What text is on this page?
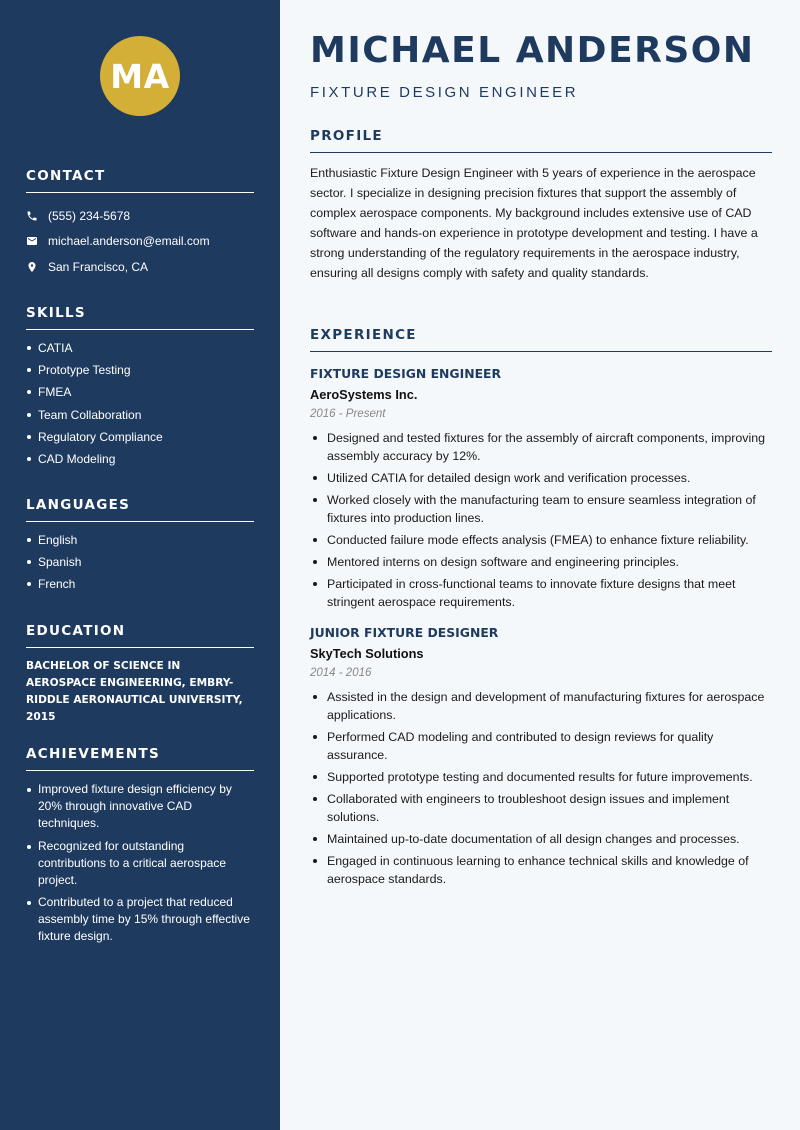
MA
CONTACT
(555) 234-5678
michael.anderson@email.com
San Francisco, CA
SKILLS
CATIA
Prototype Testing
FMEA
Team Collaboration
Regulatory Compliance
CAD Modeling
LANGUAGES
English
Spanish
French
EDUCATION
BACHELOR OF SCIENCE IN AEROSPACE ENGINEERING, EMBRY-RIDDLE AERONAUTICAL UNIVERSITY, 2015
ACHIEVEMENTS
Improved fixture design efficiency by 20% through innovative CAD techniques.
Recognized for outstanding contributions to a critical aerospace project.
Contributed to a project that reduced assembly time by 15% through effective fixture design.
MICHAEL ANDERSON
FIXTURE DESIGN ENGINEER
PROFILE

Enthusiastic Fixture Design Engineer with 5 years of experience in the aerospace sector. I specialize in designing precision fixtures that support the assembly of complex aerospace components. My background includes extensive use of CAD software and hands-on experience in prototype development and testing. I have a strong understanding of the regulatory requirements in the aerospace industry, ensuring all designs comply with safety and quality standards.

EXPERIENCE
FIXTURE DESIGN ENGINEER
AeroSystems Inc.
2016 - Present
Designed and tested fixtures for the assembly of aircraft components, improving assembly accuracy by 12%.
Utilized CATIA for detailed design work and verification processes.
Worked closely with the manufacturing team to ensure seamless integration of fixtures into production lines.
Conducted failure mode effects analysis (FMEA) to enhance fixture reliability.
Mentored interns on design software and engineering principles.
Participated in cross-functional teams to innovate fixture designs that meet stringent aerospace requirements.
JUNIOR FIXTURE DESIGNER
SkyTech Solutions
2014 - 2016
Assisted in the design and development of manufacturing fixtures for aerospace applications.
Performed CAD modeling and contributed to design reviews for quality assurance.
Supported prototype testing and documented results for future improvements.
Collaborated with engineers to troubleshoot design issues and implement solutions.
Maintained up-to-date documentation of all design changes and processes.
Engaged in continuous learning to enhance technical skills and knowledge of aerospace standards.
